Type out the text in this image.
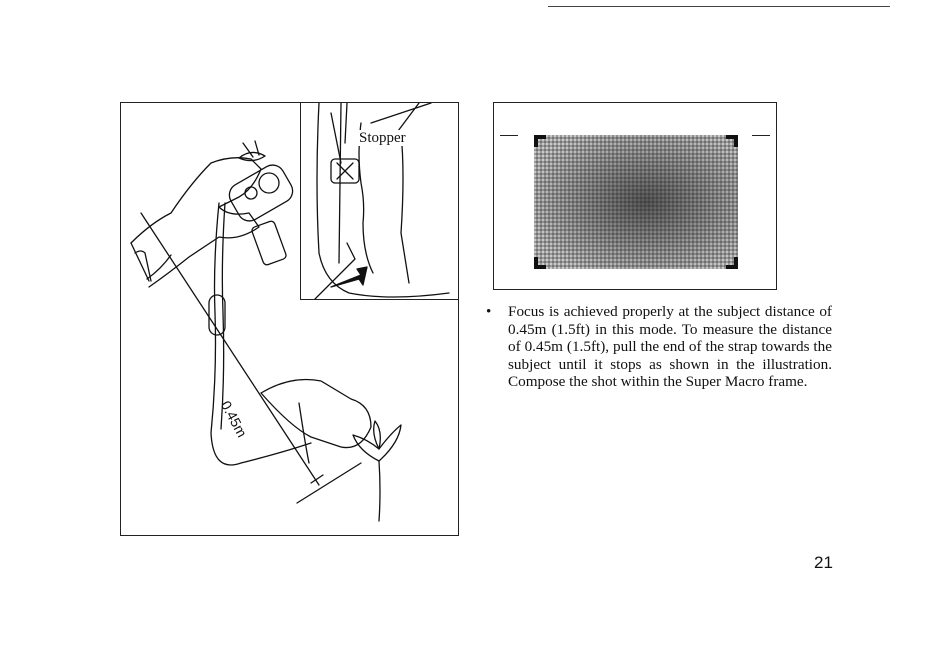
Stopper
0.45m
• Focus is achieved properly at the subject distance of 0.45m (1.5ft) in this mode. To measure the distance of 0.45m (1.5ft), pull the end of the strap towards the subject until it stops as shown in the illustration. Compose the shot within the Super Macro frame.
21
